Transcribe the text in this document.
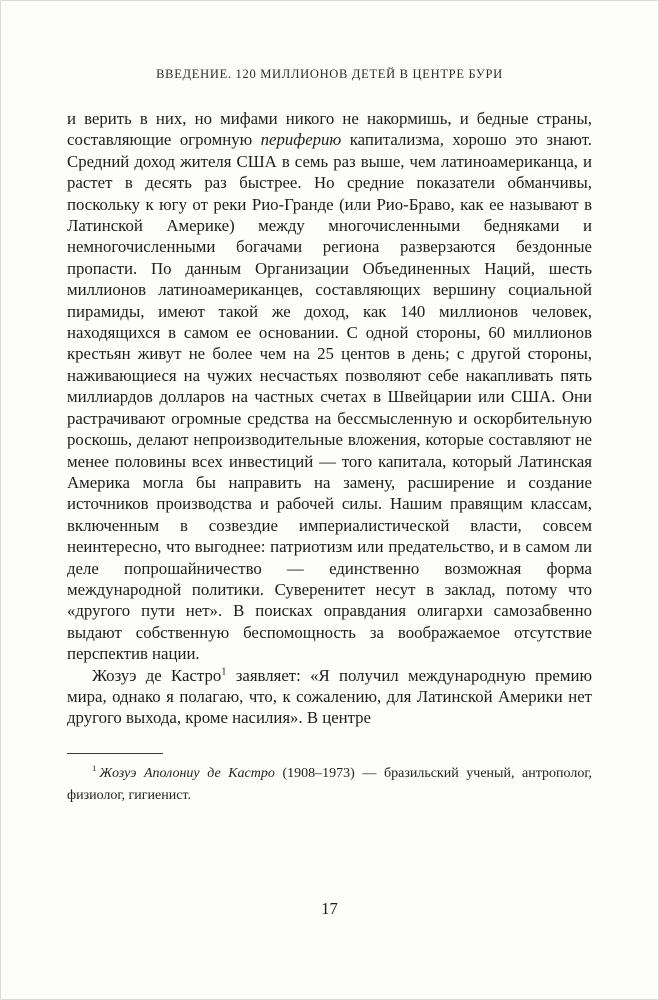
ВВЕДЕНИЕ. 120 МИЛЛИОНОВ ДЕТЕЙ В ЦЕНТРЕ БУРИ

и верить в них, но мифами никого не накормишь, и бедные страны, составляющие огромную периферию капитализма, хорошо это знают. Средний доход жителя США в семь раз выше, чем латиноамериканца, и растет в десять раз быстрее. Но средние показатели обманчивы, поскольку к югу от реки Рио-Гранде (или Рио-Браво, как ее называют в Латинской Америке) между многочисленными бедняками и немногочисленными богачами региона разверзаются бездонные пропасти. По данным Организации Объединенных Наций, шесть миллионов латиноамериканцев, составляющих вершину социальной пирамиды, имеют такой же доход, как 140 миллионов человек, находящихся в самом ее основании. С одной стороны, 60 миллионов крестьян живут не более чем на 25 центов в день; с другой стороны, наживающиеся на чужих несчастьях позволяют себе накапливать пять миллиардов долларов на частных счетах в Швейцарии или США. Они растрачивают огромные средства на бессмысленную и оскорбительную роскошь, делают непроизводительные вложения, которые составляют не менее половины всех инвестиций — того капитала, который Латинская Америка могла бы направить на замену, расширение и создание источников производства и рабочей силы. Нашим правящим классам, включенным в созвездие империалистической власти, совсем неинтересно, что выгоднее: патриотизм или предательство, и в самом ли деле попрошайничество — единственно возможная форма международной политики. Суверенитет несут в заклад, потому что «другого пути нет». В поисках оправдания олигархи самозабвенно выдают собственную беспомощность за воображаемое отсутствие перспектив нации.

Жозуэ де Кастро$^1$ заявляет: «Я получил международную премию мира, однако я полагаю, что, к сожалению, для Латинской Америки нет другого выхода, кроме насилия». В центре

$^1$ Жозуэ Аполониу де Кастро (1908–1973) — бразильский ученый, антрополог, физиолог, гигиенист.

17
